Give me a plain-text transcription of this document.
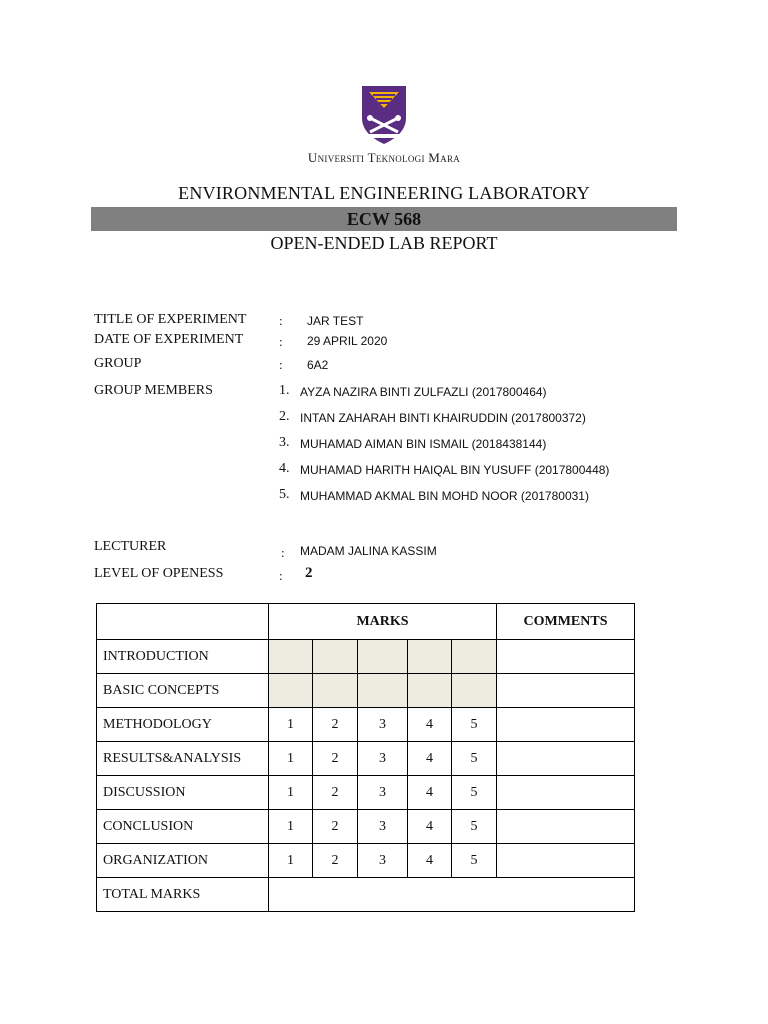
Universiti Teknologi Mara
ENVIRONMENTAL ENGINEERING LABORATORY
ECW 568
OPEN-ENDED LAB REPORT
TITLE OF EXPERIMENT	: JAR TEST
DATE OF EXPERIMENT	: 29 APRIL 2020
GROUP	: 6A2
GROUP MEMBERS	1. AYZA NAZIRA BINTI ZULFAZLI (2017800464)
2. INTAN ZAHARAH BINTI KHAIRUDDIN (2017800372)
3. MUHAMAD AIMAN BIN ISMAIL (2018438144)
4. MUHAMAD HARITH HAIQAL BIN YUSUFF (2017800448)
5. MUHAMMAD AKMAL BIN MOHD NOOR (201780031)
LECTURER	: MADAM JALINA KASSIM
LEVEL OF OPENESS	: 2
	MARKS					COMMENTS
INTRODUCTION						
BASIC CONCEPTS						
METHODOLOGY	1	2	3	4	5	
RESULTS&ANALYSIS	1	2	3	4	5	
DISCUSSION	1	2	3	4	5	
CONCLUSION	1	2	3	4	5	
ORGANIZATION	1	2	3	4	5	
TOTAL MARKS						
